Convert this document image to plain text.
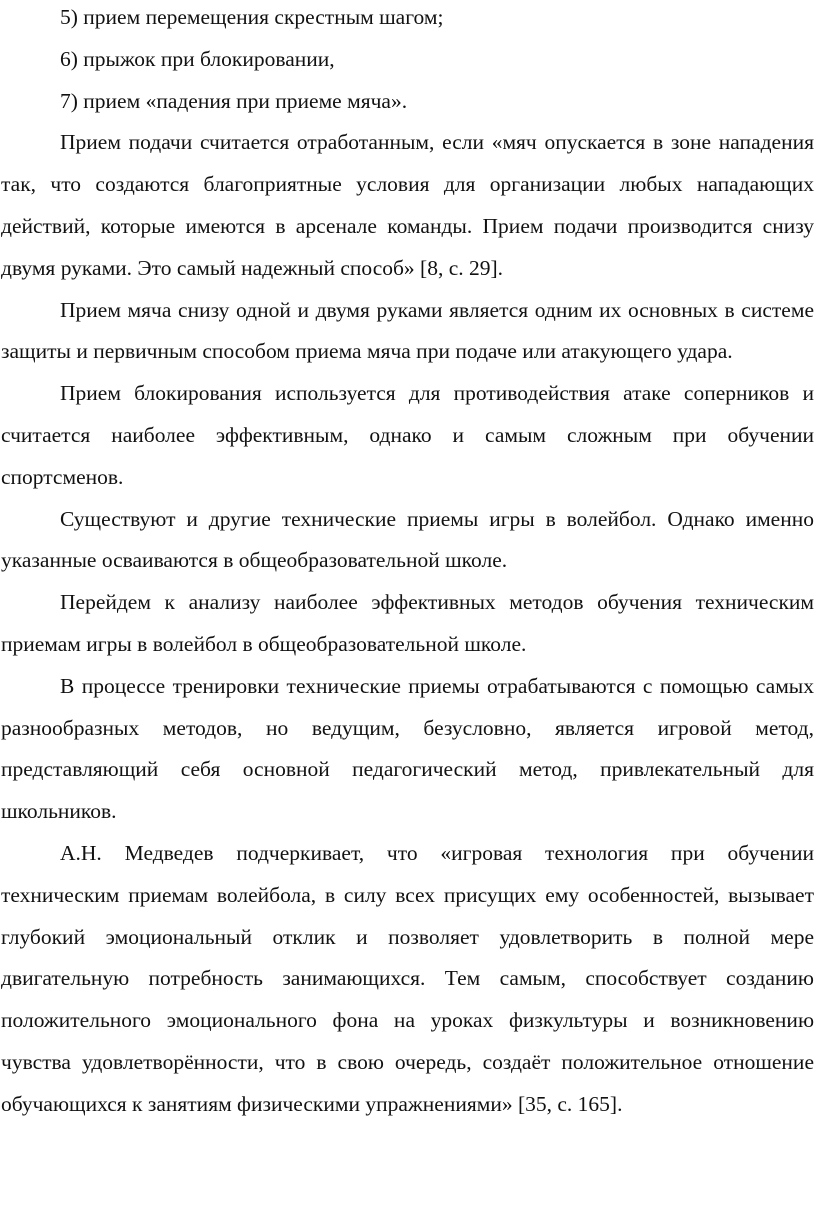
5) прием перемещения скрестным шагом;

6) прыжок при блокировании,

7) прием «падения при приеме мяча».

Прием подачи считается отработанным, если «мяч опускается в зоне нападения так, что создаются благоприятные условия для организации любых нападающих действий, которые имеются в арсенале команды. Прием подачи производится снизу двумя руками. Это самый надежный способ» [8, с. 29].

Прием мяча снизу одной и двумя руками является одним их основных в системе защиты и первичным способом приема мяча при подаче или атакующего удара.

Прием блокирования используется для противодействия атаке соперников и считается наиболее эффективным, однако и самым сложным при обучении спортсменов.

Существуют и другие технические приемы игры в волейбол. Однако именно указанные осваиваются в общеобразовательной школе.

Перейдем к анализу наиболее эффективных методов обучения техническим приемам игры в волейбол в общеобразовательной школе.

В процессе тренировки технические приемы отрабатываются с помощью самых разнообразных методов, но ведущим, безусловно, является игровой метод, представляющий себя основной педагогический метод, привлекательный для школьников.

А.Н. Медведев подчеркивает, что «игровая технология при обучении техническим приемам волейбола, в силу всех присущих ему особенностей, вызывает глубокий эмоциональный отклик и позволяет удовлетворить в полной мере двигательную потребность занимающихся. Тем самым, способствует созданию положительного эмоционального фона на уроках физкультуры и возникновению чувства удовлетворённости, что в свою очередь, создаёт положительное отношение обучающихся к занятиям физическими упражнениями» [35, с. 165].
